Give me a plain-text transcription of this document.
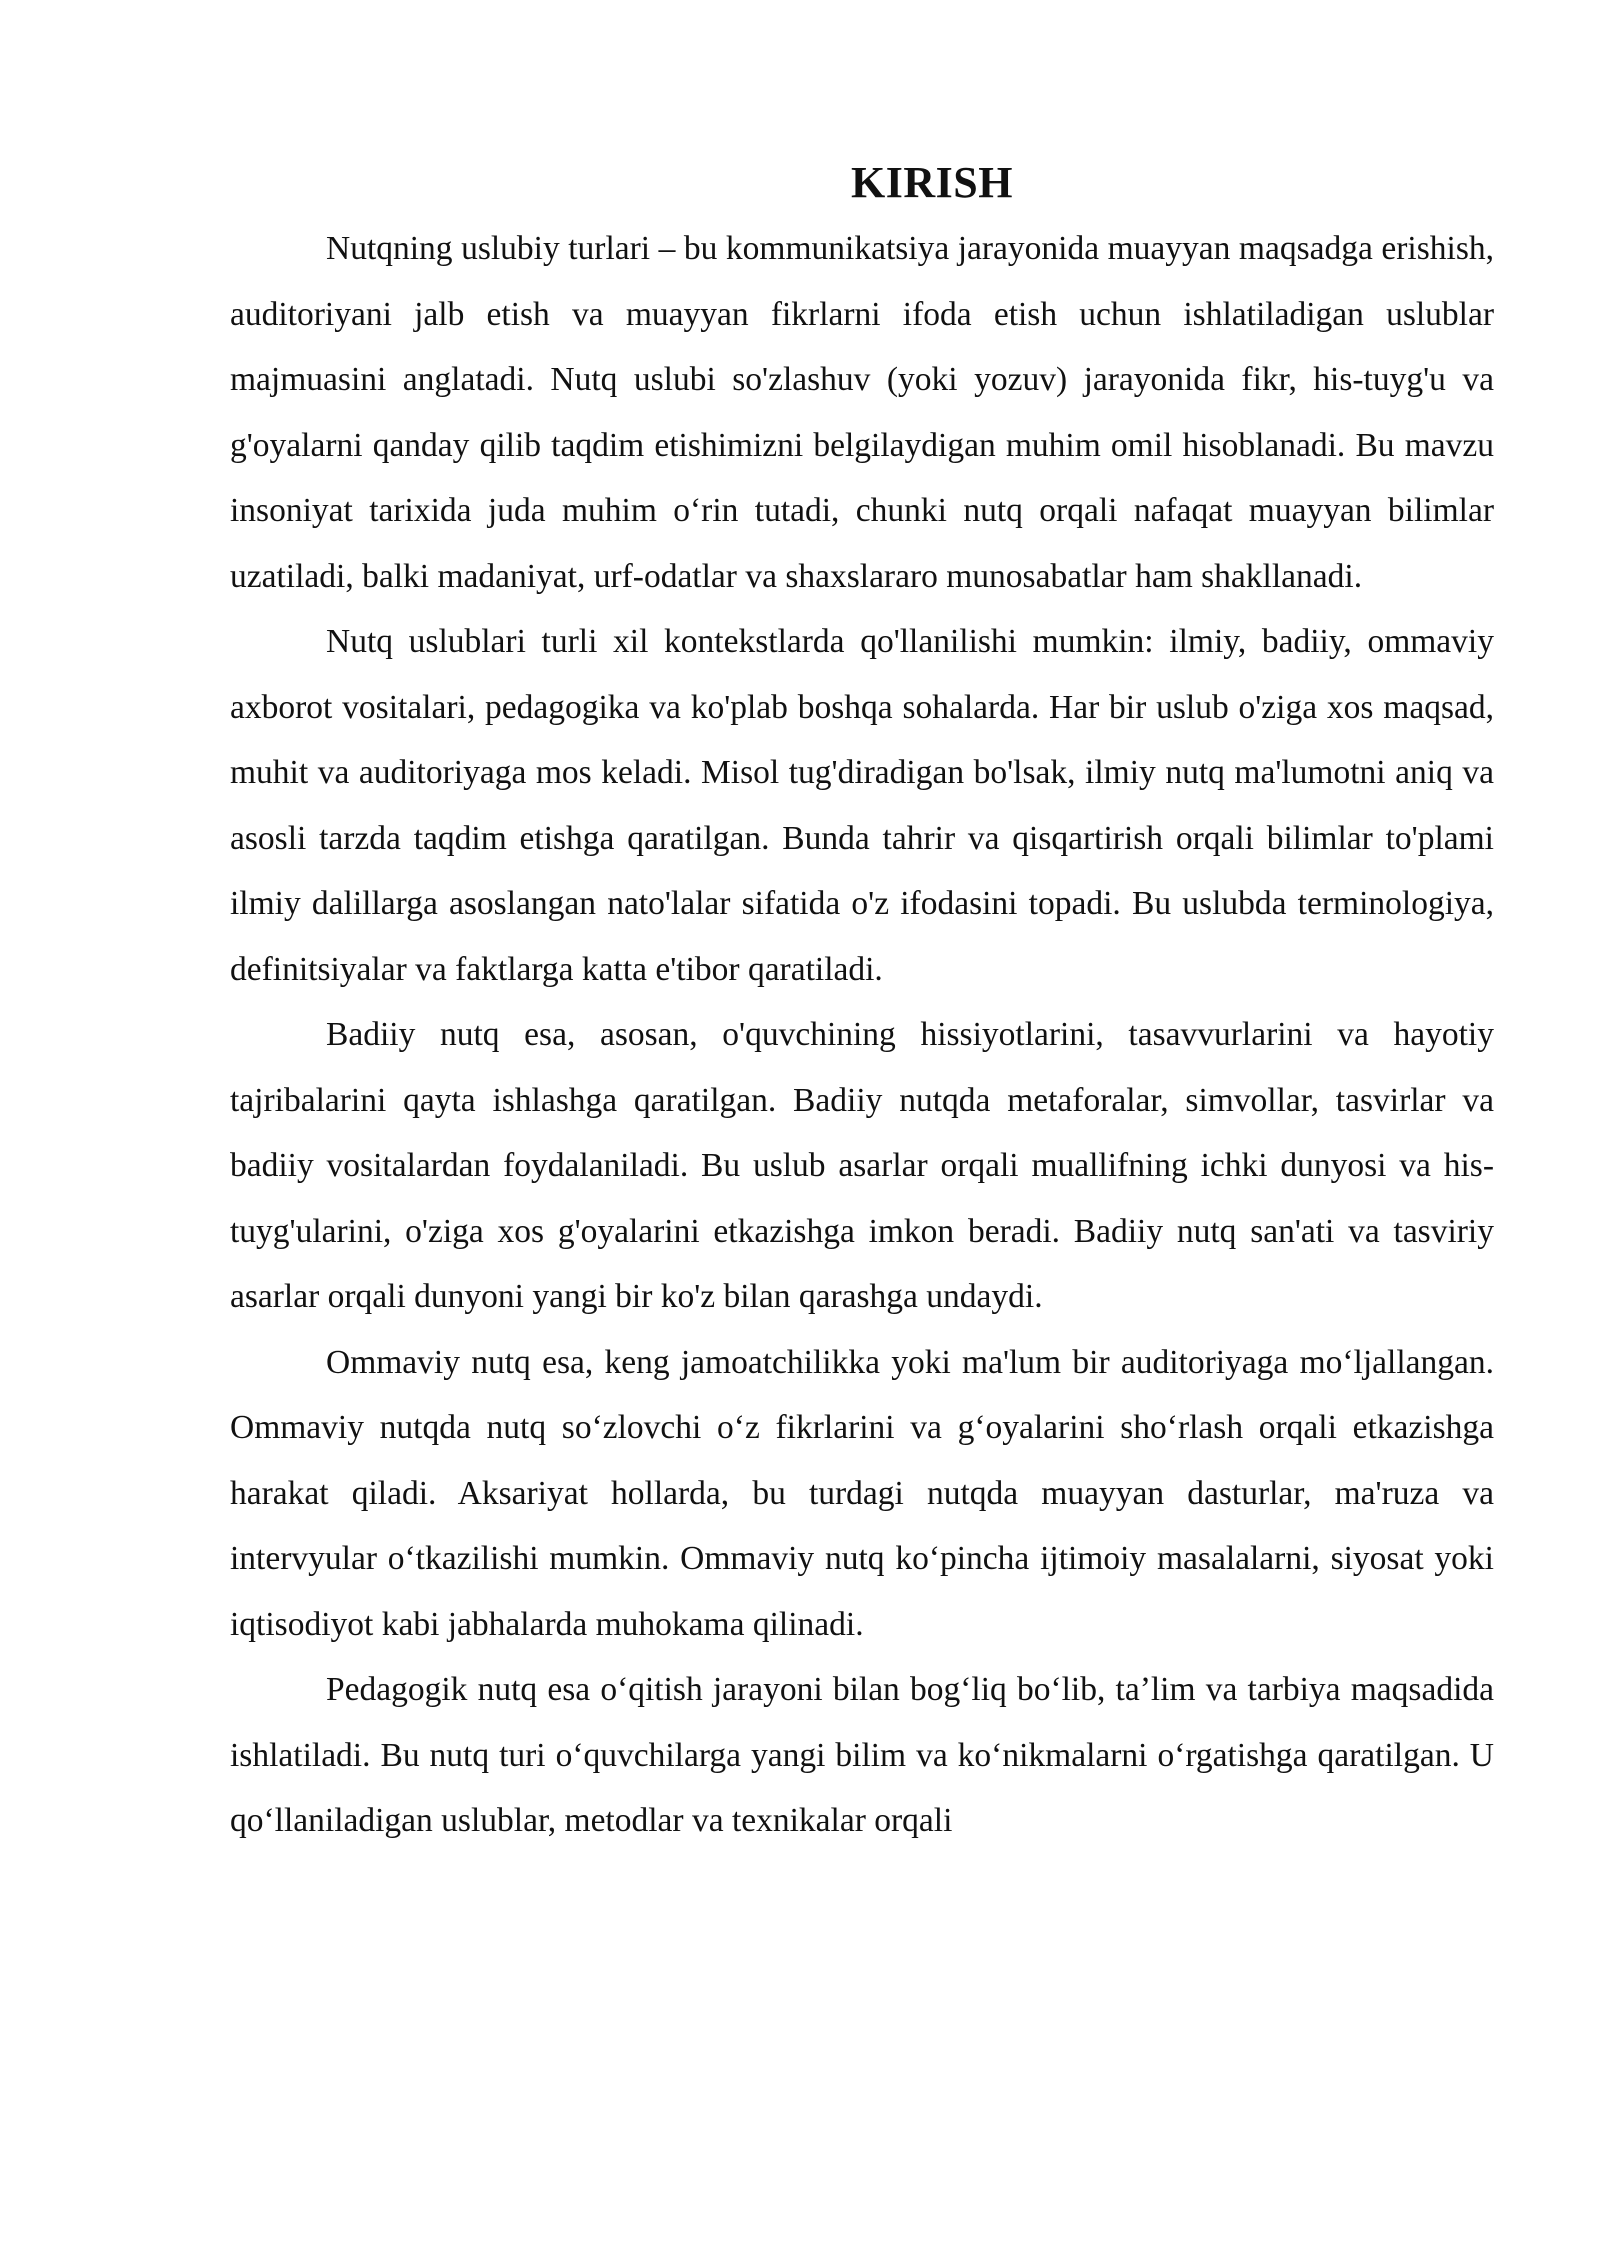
KIRISH

Nutqning uslubiy turlari – bu kommunikatsiya jarayonida muayyan maqsadga erishish, auditoriyani jalb etish va muayyan fikrlarni ifoda etish uchun ishlatiladigan uslublar majmuasini anglatadi. Nutq uslubi so'zlashuv (yoki yozuv) jarayonida fikr, his-tuyg'u va g'oyalarni qanday qilib taqdim etishimizni belgilaydigan muhim omil hisoblanadi. Bu mavzu insoniyat tarixida juda muhim oʻrin tutadi, chunki nutq orqali nafaqat muayyan bilimlar uzatiladi, balki madaniyat, urf-odatlar va shaxslararo munosabatlar ham shakllanadi.

Nutq uslublari turli xil kontekstlarda qo'llanilishi mumkin: ilmiy, badiiy, ommaviy axborot vositalari, pedagogika va ko'plab boshqa sohalarda. Har bir uslub o'ziga xos maqsad, muhit va auditoriyaga mos keladi. Misol tug'diradigan bo'lsak, ilmiy nutq ma'lumotni aniq va asosli tarzda taqdim etishga qaratilgan. Bunda tahrir va qisqartirish orqali bilimlar to'plami ilmiy dalillarga asoslangan nato'lalar sifatida o'z ifodasini topadi. Bu uslubda terminologiya, definitsiyalar va faktlarga katta e'tibor qaratiladi.

Badiiy nutq esa, asosan, o'quvchining hissiyotlarini, tasavvurlarini va hayotiy tajribalarini qayta ishlashga qaratilgan. Badiiy nutqda metaforalar, simvollar, tasvirlar va badiiy vositalardan foydalaniladi. Bu uslub asarlar orqali muallifning ichki dunyosi va his-tuyg'ularini, o'ziga xos g'oyalarini etkazishga imkon beradi. Badiiy nutq san'ati va tasviriy asarlar orqali dunyoni yangi bir ko'z bilan qarashga undaydi.

Ommaviy nutq esa, keng jamoatchilikka yoki ma'lum bir auditoriyaga moʻljallangan. Ommaviy nutqda nutq soʻzlovchi oʻz fikrlarini va gʻoyalarini shoʻrlash orqali etkazishga harakat qiladi. Aksariyat hollarda, bu turdagi nutqda muayyan dasturlar, ma'ruza va intervyular oʻtkazilishi mumkin. Ommaviy nutq koʻpincha ijtimoiy masalalarni, siyosat yoki iqtisodiyot kabi jabhalarda muhokama qilinadi.

Pedagogik nutq esa oʻqitish jarayoni bilan bogʻliq boʻlib, taʼlim va tarbiya maqsadida ishlatiladi. Bu nutq turi oʻquvchilarga yangi bilim va koʻnikmalarni oʻrgatishga qaratilgan. U qoʻllaniladigan uslublar, metodlar va texnikalar orqali
